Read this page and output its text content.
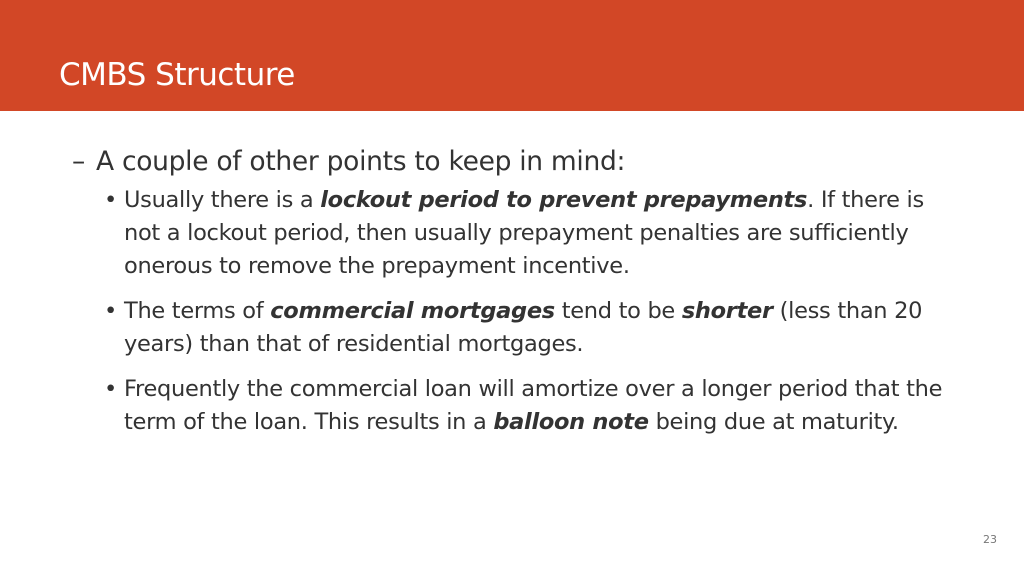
CMBS Structure
– A couple of other points to keep in mind:
• Usually there is a lockout period to prevent prepayments. If there is not a lockout period, then usually prepayment penalties are sufficiently onerous to remove the prepayment incentive.
• The terms of commercial mortgages tend to be shorter (less than 20 years) than that of residential mortgages.
• Frequently the commercial loan will amortize over a longer period that the term of the loan. This results in a balloon note being due at maturity.
23
